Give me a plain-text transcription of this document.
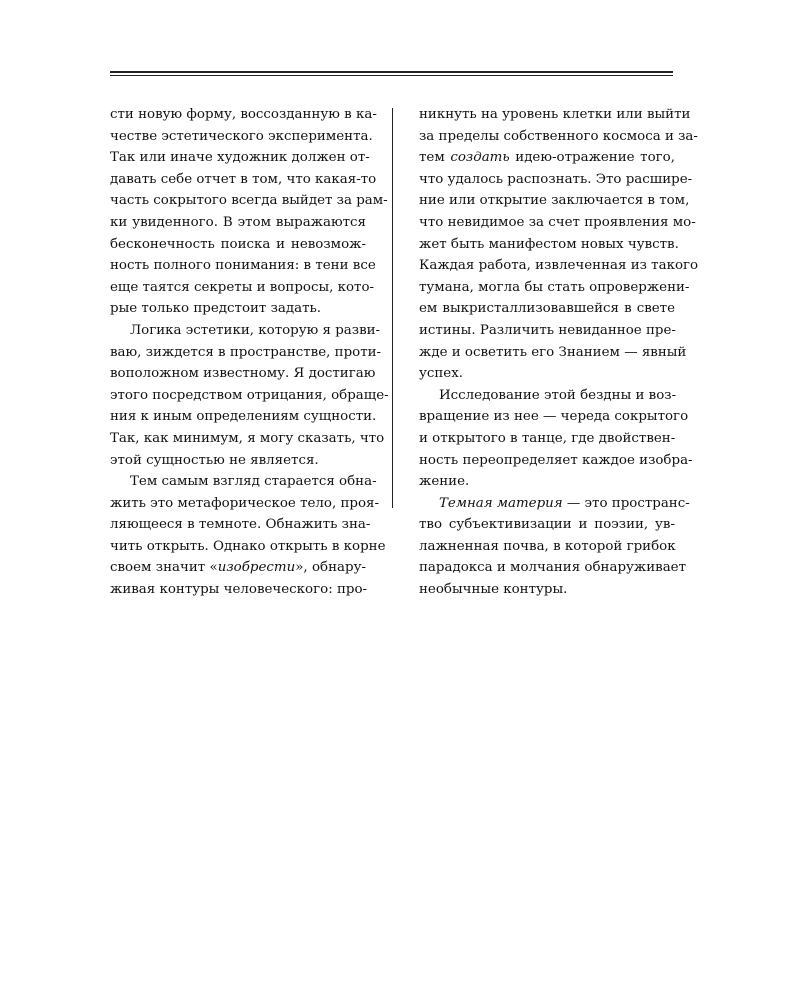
сти новую форму, воссозданную в ка-
честве эстетического эксперимента.
Так или иначе художник должен от-
давать себе отчет в том, что какая-то
часть сокрытого всегда выйдет за рам-
ки увиденного. В этом выражаются
бесконечность поиска и невозмож-
ность полного понимания: в тени все
еще таятся секреты и вопросы, кото-
рые только предстоит задать.
Логика эстетики, которую я разви-
ваю, зиждется в пространстве, проти-
воположном известному. Я достигаю
этого посредством отрицания, обраще-
ния к иным определениям сущности.
Так, как минимум, я могу сказать, что
этой сущностью не является.
Тем самым взгляд старается обна-
жить это метафорическое тело, проя-
ляющееся в темноте. Обнажить зна-
чить открыть. Однако открыть в корне
своем значит «изобрести», обнару-
живая контуры человеческого: про-
никнуть на уровень клетки или выйти
за пределы собственного космоса и за-
тем создать идею-отражение того,
что удалось распознать. Это расшире-
ние или открытие заключается в том,
что невидимое за счет проявления мо-
жет быть манифестом новых чувств.
Каждая работа, извлеченная из такого
тумана, могла бы стать опровержени-
ем выкристаллизовавшейся в свете
истины. Различить невиданное пре-
жде и осветить его Знанием — явный
успех.
Исследование этой бездны и воз-
вращение из нее — череда сокрытого
и открытого в танце, где двойствен-
ность переопределяет каждое изобра-
жение.
Темная материя — это пространс-
тво субъективизации и поэзии, ув-
лажненная почва, в которой грибок
парадокса и молчания обнаруживает
необычные контуры.
